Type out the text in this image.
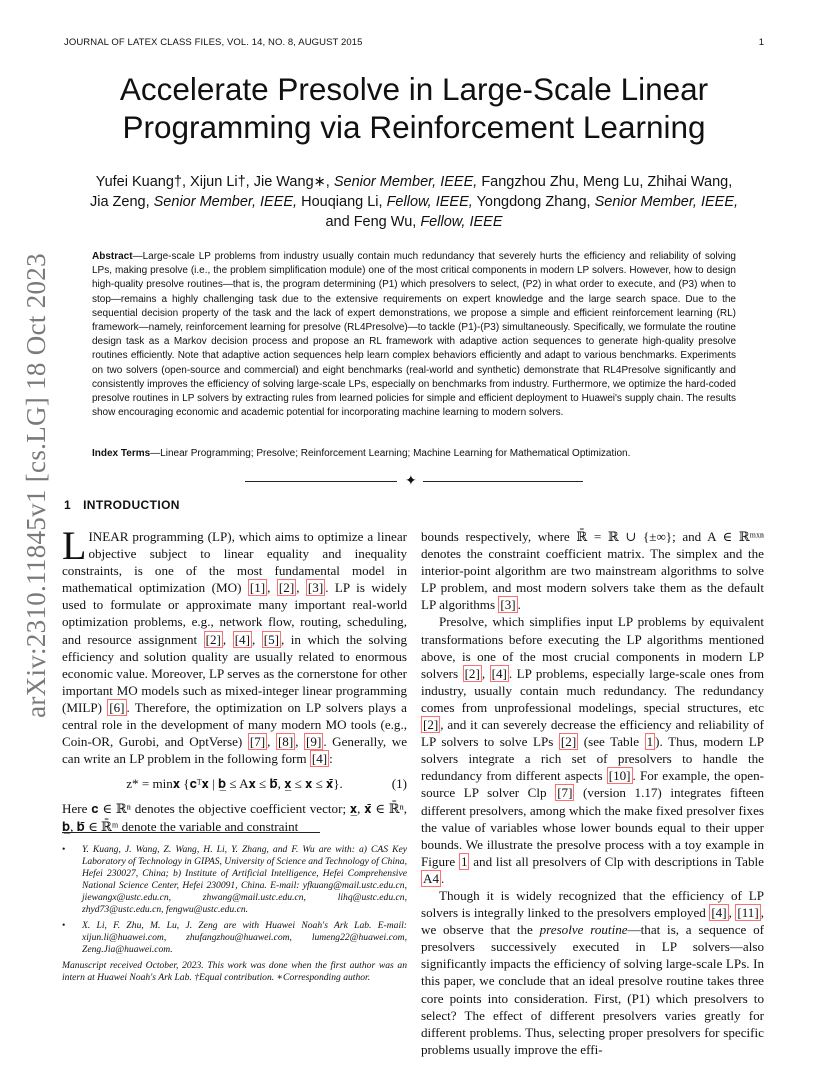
JOURNAL OF LATEX CLASS FILES, VOL. 14, NO. 8, AUGUST 2015	1
arXiv:2310.11845v1 [cs.LG] 18 Oct 2023
Accelerate Presolve in Large-Scale Linear
Programming via Reinforcement Learning
Yufei Kuang†, Xijun Li†, Jie Wang∗, Senior Member, IEEE, Fangzhou Zhu, Meng Lu, Zhihai Wang,
Jia Zeng, Senior Member, IEEE, Houqiang Li, Fellow, IEEE, Yongdong Zhang, Senior Member, IEEE,
and Feng Wu, Fellow, IEEE
Abstract—Large-scale LP problems from industry usually contain much redundancy that severely hurts the efficiency and reliability of solving LPs, making presolve (i.e., the problem simplification module) one of the most critical components in modern LP solvers. However, how to design high-quality presolve routines—that is, the program determining (P1) which presolvers to select, (P2) in what order to execute, and (P3) when to stop—remains a highly challenging task due to the extensive requirements on expert knowledge and the large search space. Due to the sequential decision property of the task and the lack of expert demonstrations, we propose a simple and efficient reinforcement learning (RL) framework—namely, reinforcement learning for presolve (RL4Presolve)—to tackle (P1)-(P3) simultaneously. Specifically, we formulate the routine design task as a Markov decision process and propose an RL framework with adaptive action sequences to generate high-quality presolve routines efficiently. Note that adaptive action sequences help learn complex behaviors efficiently and adapt to various benchmarks. Experiments on two solvers (open-source and commercial) and eight benchmarks (real-world and synthetic) demonstrate that RL4Presolve significantly and consistently improves the efficiency of solving large-scale LPs, especially on benchmarks from industry. Furthermore, we optimize the hard-coded presolve routines in LP solvers by extracting rules from learned policies for simple and efficient deployment to Huawei's supply chain. The results show encouraging economic and academic potential for incorporating machine learning to modern solvers.
Index Terms—Linear Programming; Presolve; Reinforcement Learning; Machine Learning for Mathematical Optimization.
✦
1 INTRODUCTION

LINEAR programming (LP), which aims to optimize a linear objective subject to linear equality and inequality constraints, is one of the most fundamental model in mathematical optimization (MO) [1] , [2] , [3] . LP is widely used to formulate or approximate many important real-world optimization problems, e.g., network flow, routing, scheduling, and resource assignment [2] , [4] , [5] , in which the solving efficiency and solution quality are usually related to enormous economic value. Moreover, LP serves as the cornerstone for other important MO models such as mixed-integer linear programming (MILP) [6] . Therefore, the optimization on LP solvers plays a central role in the development of many modern MO tools (e.g., Coin-OR, Gurobi, and OptVerse) [7] , [8] , [9] . Generally, we can write an LP problem in the following form [4] :

z* = min𝐱 {𝐜ᵀ𝐱 | 𝐛̲ ≤ A𝐱 ≤ 𝐛̄, 𝐱̲ ≤ 𝐱 ≤ 𝐱̄}.	(1)

Here 𝐜 ∈ ℝⁿ denotes the objective coefficient vector; 𝐱̲, 𝐱̄ ∈ ℝ̄ⁿ, 𝐛̲, 𝐛̄ ∈ ℝ̄ᵐ denote the variable and constraint

• Y. Kuang, J. Wang, Z. Wang, H. Li, Y. Zhang, and F. Wu are with: a) CAS Key Laboratory of Technology in GIPAS, University of Science and Technology of China, Hefei 230027, China; b) Institute of Artificial Intelligence, Hefei Comprehensive National Science Center, Hefei 230091, China. E-mail: yfkuang@mail.ustc.edu.cn, jiewangx@ustc.edu.cn, zhwang@mail.ustc.edu.cn, lihq@ustc.edu.cn, zhyd73@ustc.edu.cn, fengwu@ustc.edu.cn.
• X. Li, F. Zhu, M. Lu, J. Zeng are with Huawei Noah's Ark Lab. E-mail: xijun.li@huawei.com, zhufangzhou@huawei.com, lumeng22@huawei.com, Zeng.Jia@huawei.com.
Manuscript received October, 2023. This work was done when the first author was an intern at Huawei Noah's Ark Lab. †Equal contribution. ∗Corresponding author.

bounds respectively, where ℝ̄ = ℝ ∪ {±∞}; and A ∈ ℝᵐˣⁿ denotes the constraint coefficient matrix. The simplex and the interior-point algorithm are two mainstream algorithms to solve LP problem, and most modern solvers take them as the default LP algorithms [3] .

Presolve, which simplifies input LP problems by equivalent transformations before executing the LP algorithms mentioned above, is one of the most crucial components in modern LP solvers [2] , [4] . LP problems, especially large-scale ones from industry, usually contain much redundancy. The redundancy comes from unprofessional modelings, special structures, etc [2] , and it can severely decrease the efficiency and reliability of LP solvers to solve LPs [2] (see Table 1 ). Thus, modern LP solvers integrate a rich set of presolvers to handle the redundancy from different aspects [10] . For example, the open-source LP solver Clp [7] (version 1.17) integrates fifteen different presolvers, among which the make fixed presolver fixes the value of variables whose lower bounds equal to their upper bounds. We illustrate the presolve process with a toy example in Figure 1 and list all presolvers of Clp with descriptions in Table A4 .

Though it is widely recognized that the efficiency of LP solvers is integrally linked to the presolvers employed [4] , [11] , we observe that the presolve routine—that is, a sequence of presolvers successively executed in LP solvers—also significantly impacts the efficiency of solving large-scale LPs. In this paper, we conclude that an ideal presolve routine takes three core points into consideration. First, (P1) which presolvers to select? The effect of different presolvers varies greatly for different problems. Thus, selecting proper presolvers for specific problems usually improve the effi-
